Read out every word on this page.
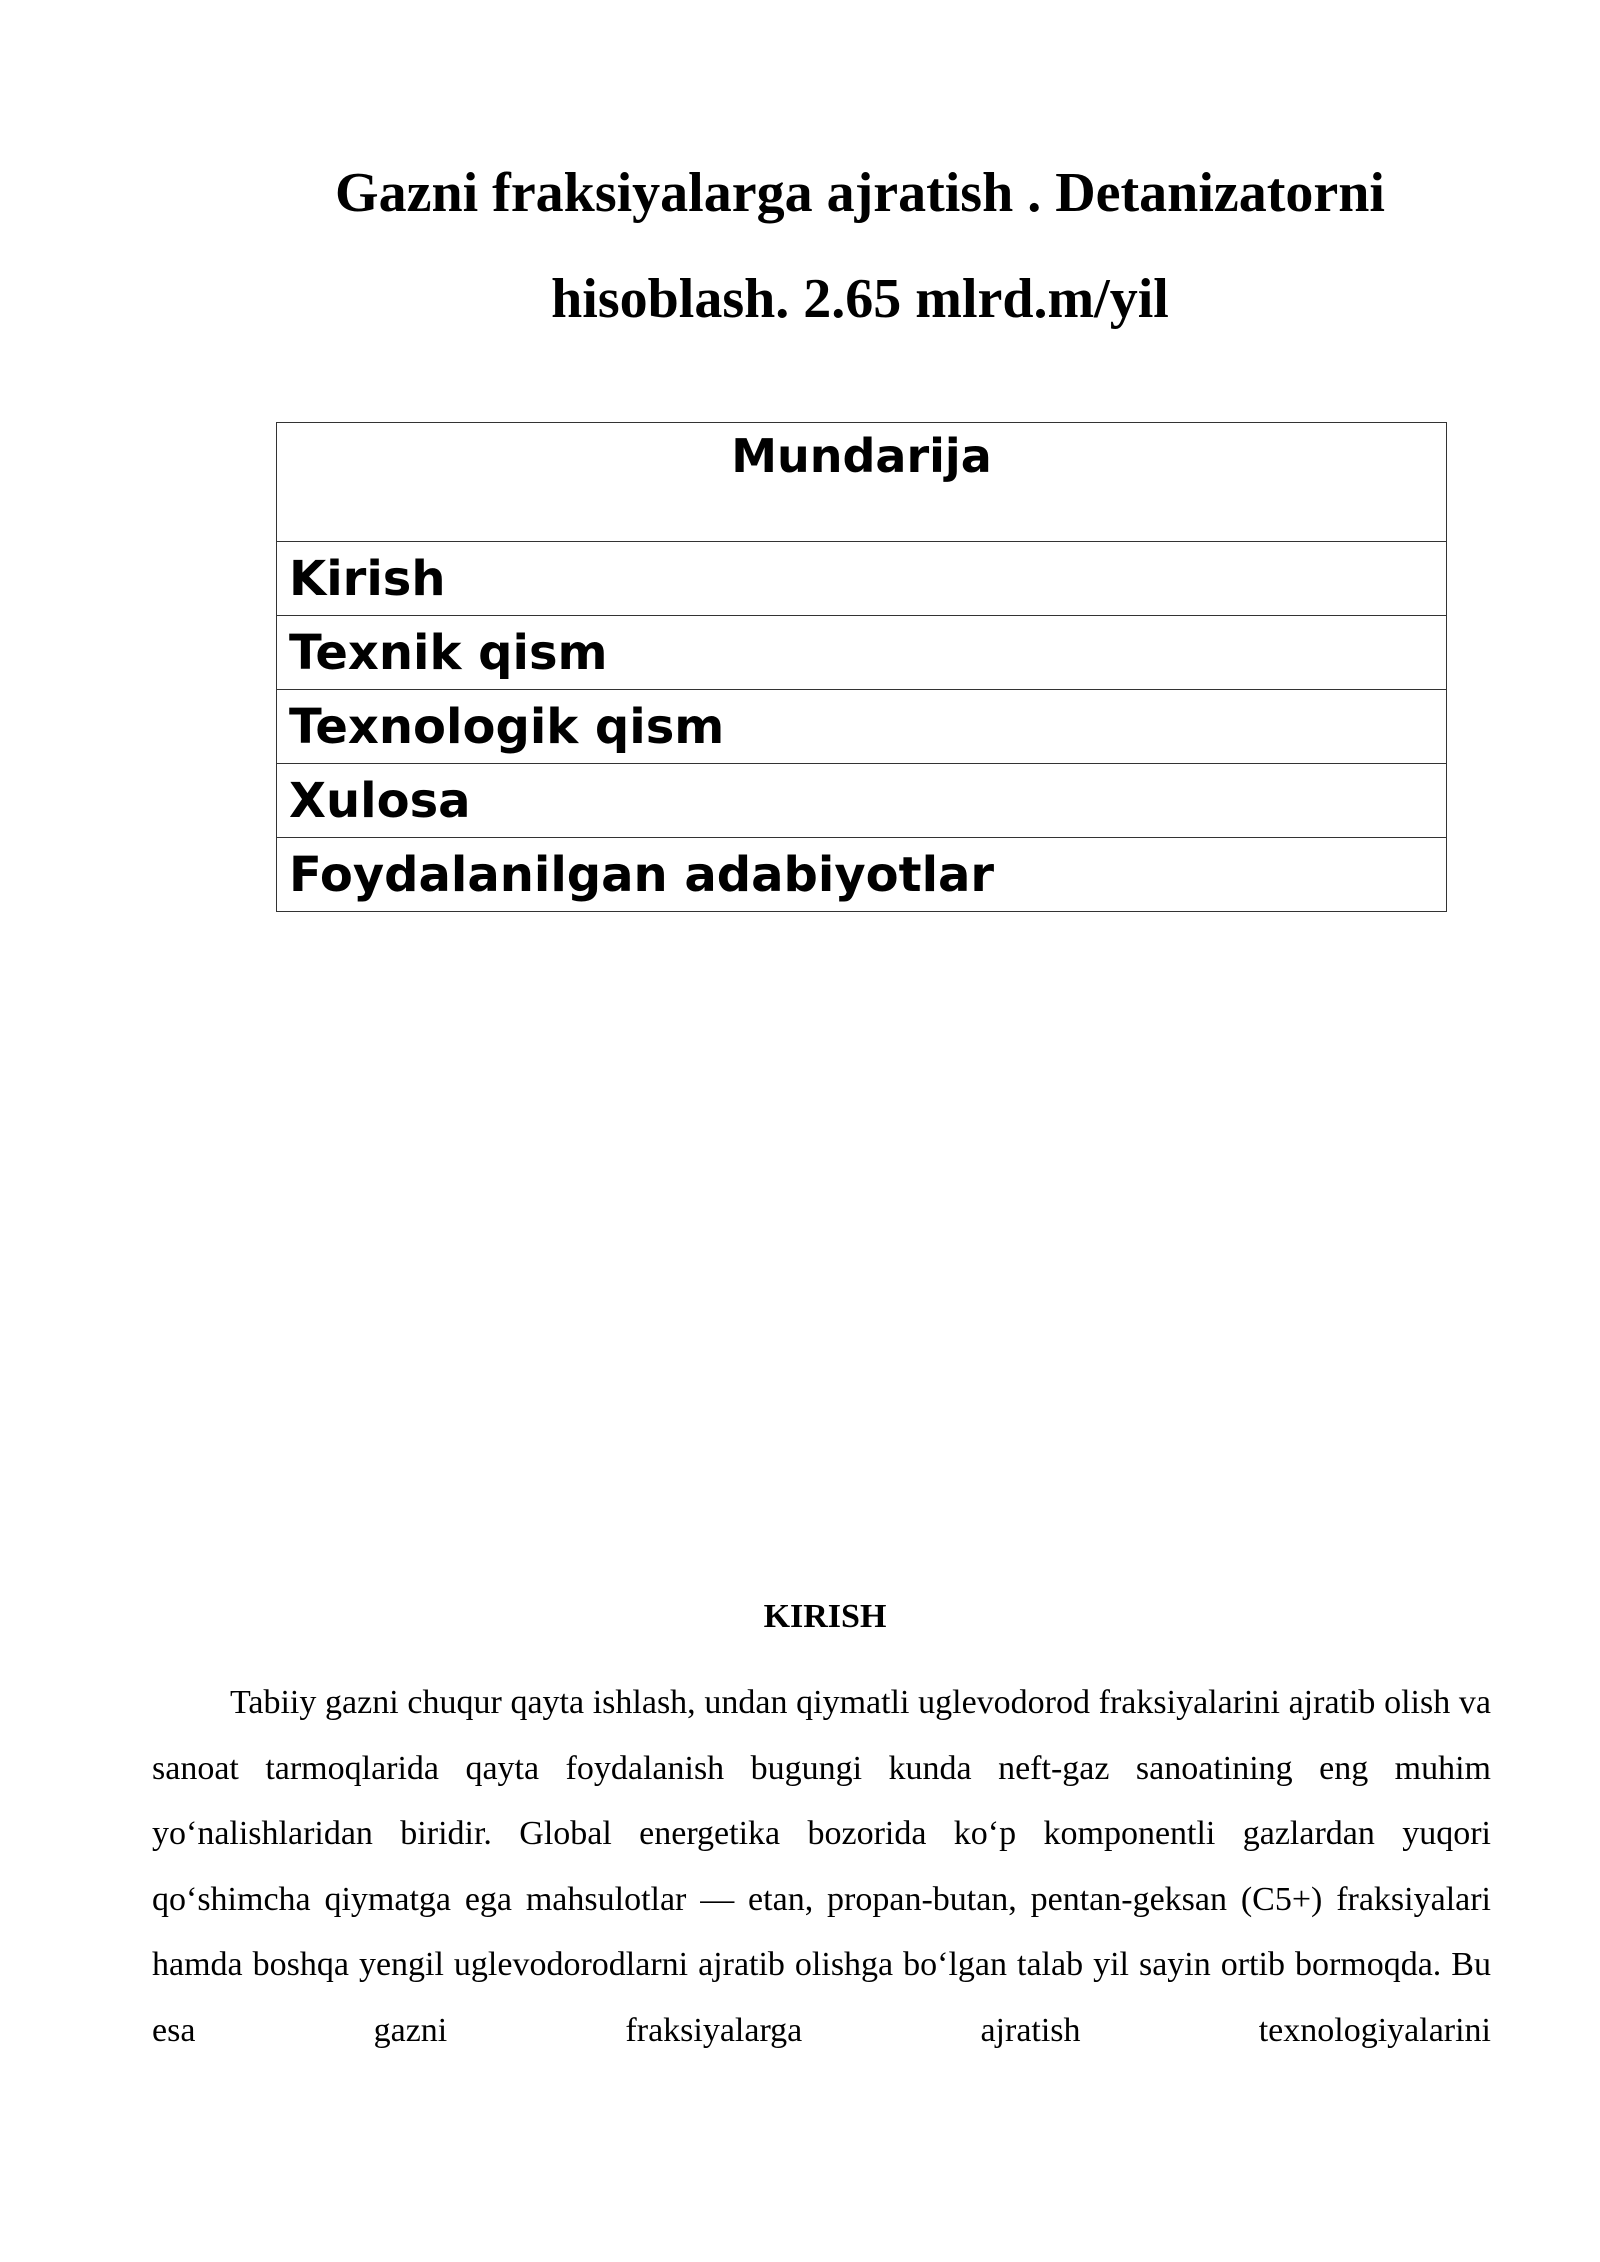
Gazni fraksiyalarga ajratish . Detanizatorni
hisoblash. 2.65 mlrd.m/yil
Mundarija
Kirish
Texnik qism
Texnologik qism
Xulosa
Foydalanilgan adabiyotlar
KIRISH

Tabiiy gazni chuqur qayta ishlash, undan qiymatli uglevodorod fraksiyalarini ajratib olish va sanoat tarmoqlarida qayta foydalanish bugungi kunda neft-gaz sanoatining eng muhim yo‘nalishlaridan biridir. Global energetika bozorida ko‘p komponentli gazlardan yuqori qo‘shimcha qiymatga ega mahsulotlar — etan, propan-butan, pentan-geksan (C5+) fraksiyalari hamda boshqa yengil uglevodorodlarni ajratib olishga bo‘lgan talab yil sayin ortib bormoqda. Bu esa gazni fraksiyalarga ajratish texnologiyalarini
